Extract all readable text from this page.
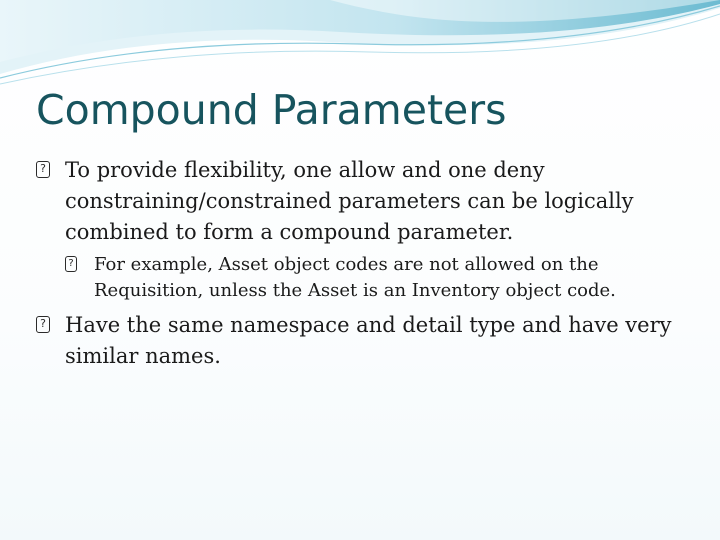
Compound Parameters

? To provide flexibility, one allow and one deny constraining/constrained parameters can be logically combined to form a compound parameter.

? For example, Asset object codes are not allowed on the Requisition, unless the Asset is an Inventory object code.

? Have the same namespace and detail type and have very similar names.
